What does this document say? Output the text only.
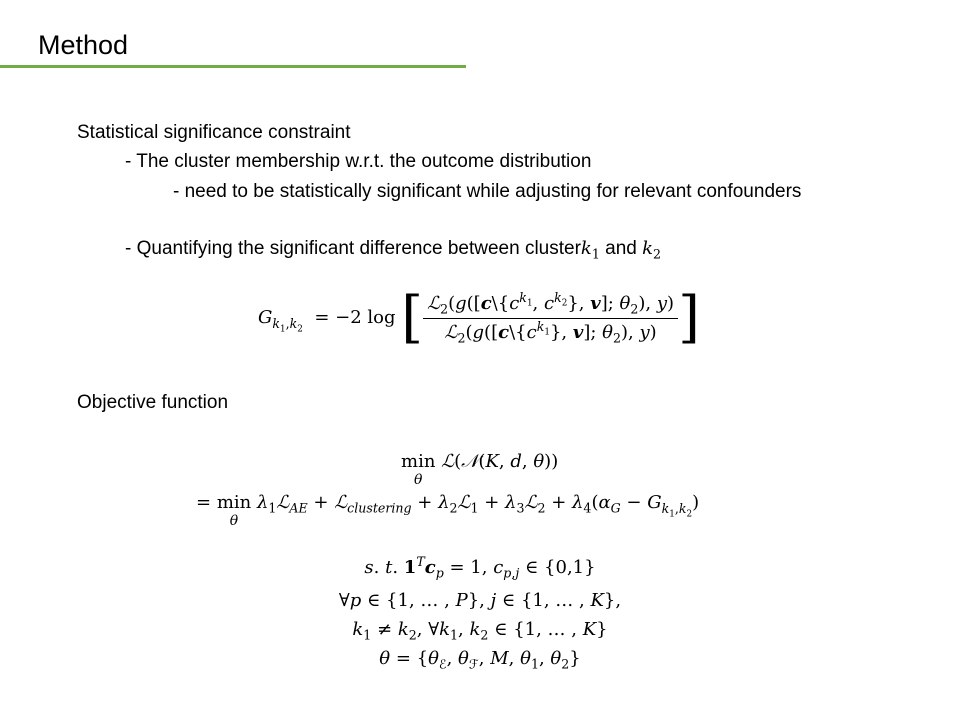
Method
Statistical significance constraint
- The cluster membership w.r.t. the outcome distribution
- need to be statistically significant while adjusting for relevant confounders
- Quantifying the significant difference between clusterk$_1$ and $k_2$
$G_{k_1,k_2} = -2$ log [ $\frac{ℒ_2(g([c\backslash\{c^{k_1}, c^{k_2}\}, v]; \theta_2), y)}{ℒ_2(g([c\backslash\{c^{k_1}\}, v]; \theta_2), y)}$ ]
Objective function
min
θ
ℒ(𝒩(K, d, θ))
= min
θ
$\lambda_1ℒ_{AE}$ + ℒ$_{clustering}$ + $\lambda_2ℒ_1$ + $\lambda_3ℒ_2 + \lambda_4(\alpha_G - G_{k_1,k_2})$
s. t. $1^Tc_p = 1$, $c_{p,j}$ ∈ {0,1}
∀p ∈ {1, … , P}, j ∈ {1, … , K},
$k_1 \ne k_2$, $\forall k_1$, $k_2$ ∈ {1, … , K}
$\theta = \{\theta_ℰ$, $\theta_ℱ$, M, $\theta_1$, $\theta_2$}
